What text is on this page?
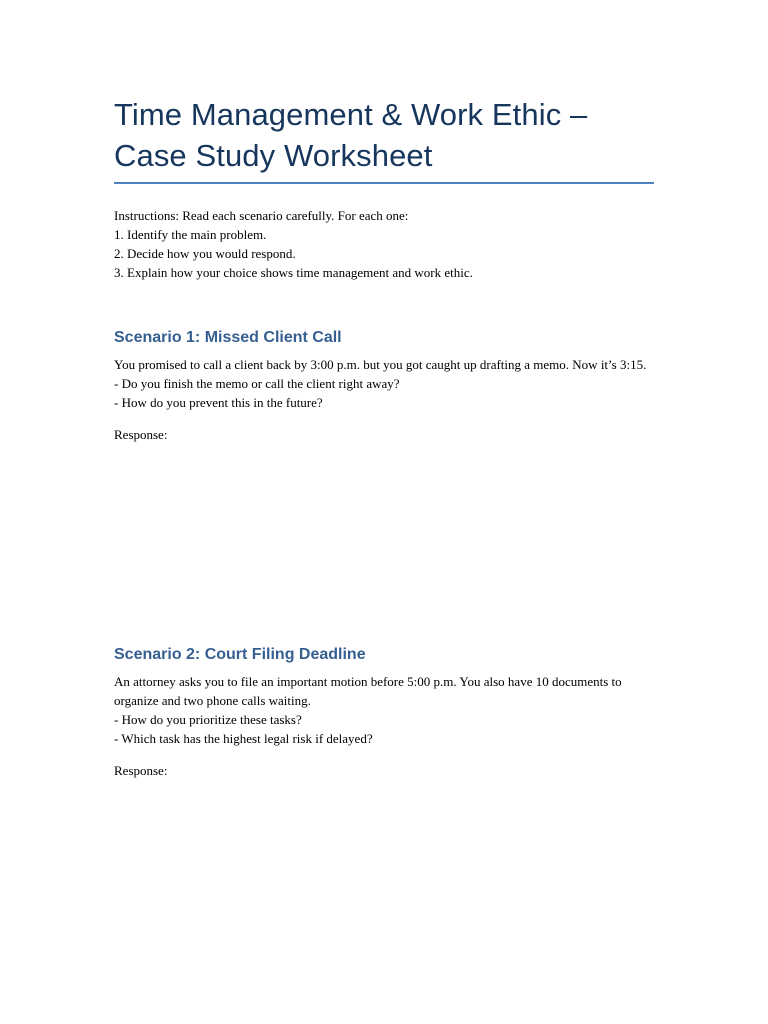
Time Management & Work Ethic – Case Study Worksheet
Instructions: Read each scenario carefully. For each one:
1. Identify the main problem.
2. Decide how you would respond.
3. Explain how your choice shows time management and work ethic.
Scenario 1: Missed Client Call
You promised to call a client back by 3:00 p.m. but you got caught up drafting a memo. Now it’s 3:15.
- Do you finish the memo or call the client right away?
- How do you prevent this in the future?
Response:
Scenario 2: Court Filing Deadline
An attorney asks you to file an important motion before 5:00 p.m. You also have 10 documents to organize and two phone calls waiting.
- How do you prioritize these tasks?
- Which task has the highest legal risk if delayed?
Response:
